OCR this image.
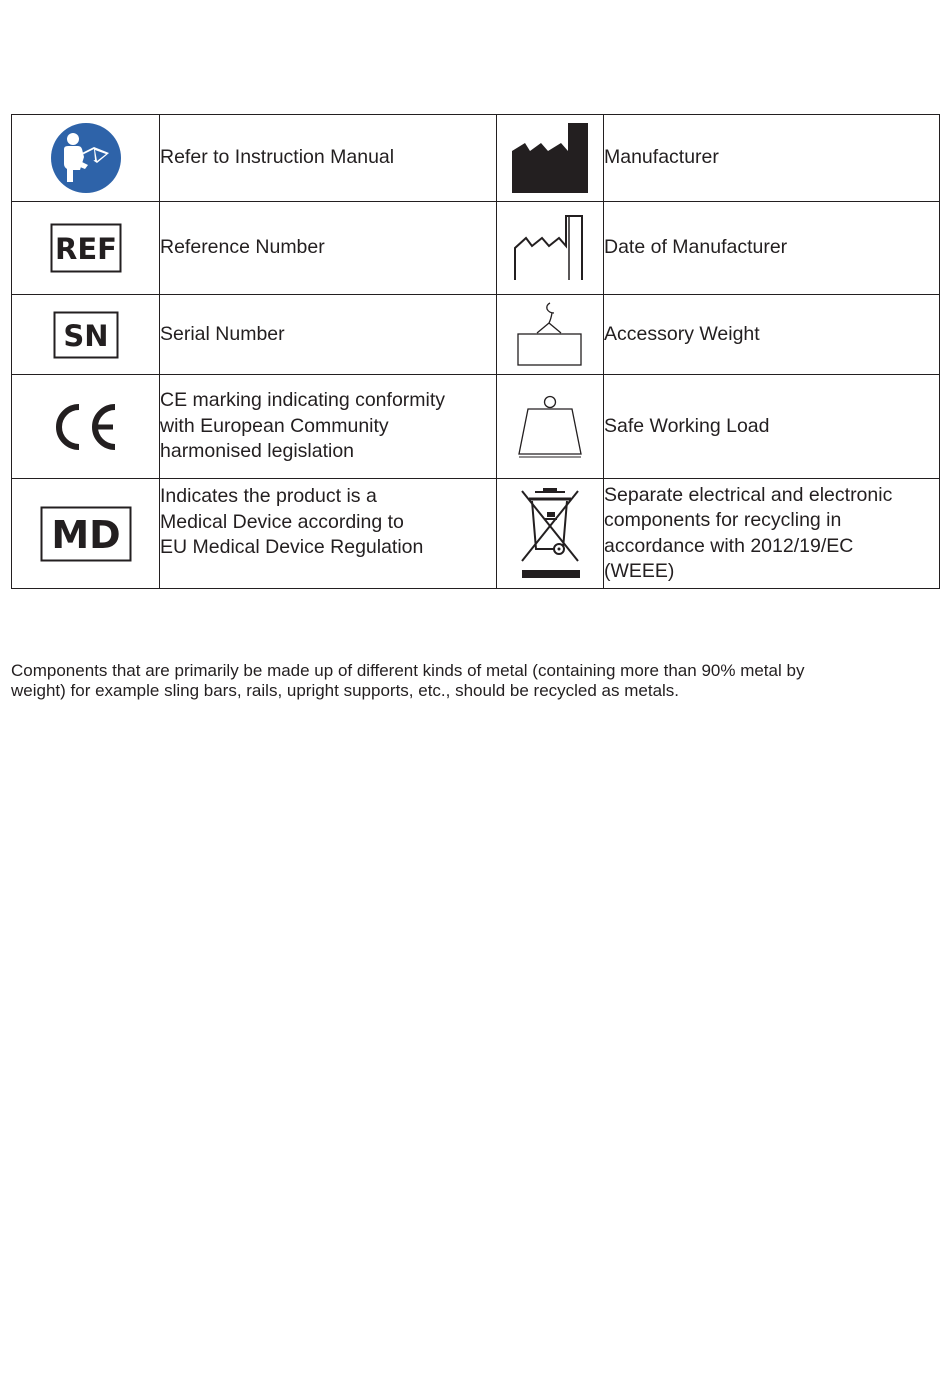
	Refer to Instruction Manual		Manufacturer

REF	Reference Number		Date of Manufacturer

SN	Serial Number		Accessory Weight

CE marking indicating conformity
with European Community
harmonised legislation		Safe Working Load

MD	Indicates the product is a
Medical Device according to
EU Medical Device Regulation		Separate electrical and electronic
components for recycling in
accordance with 2012/19/EC
(WEEE)

Components that are primarily be made up of different kinds of metal (containing more than 90% metal by
weight) for example sling bars, rails, upright supports, etc., should be recycled as metals.
